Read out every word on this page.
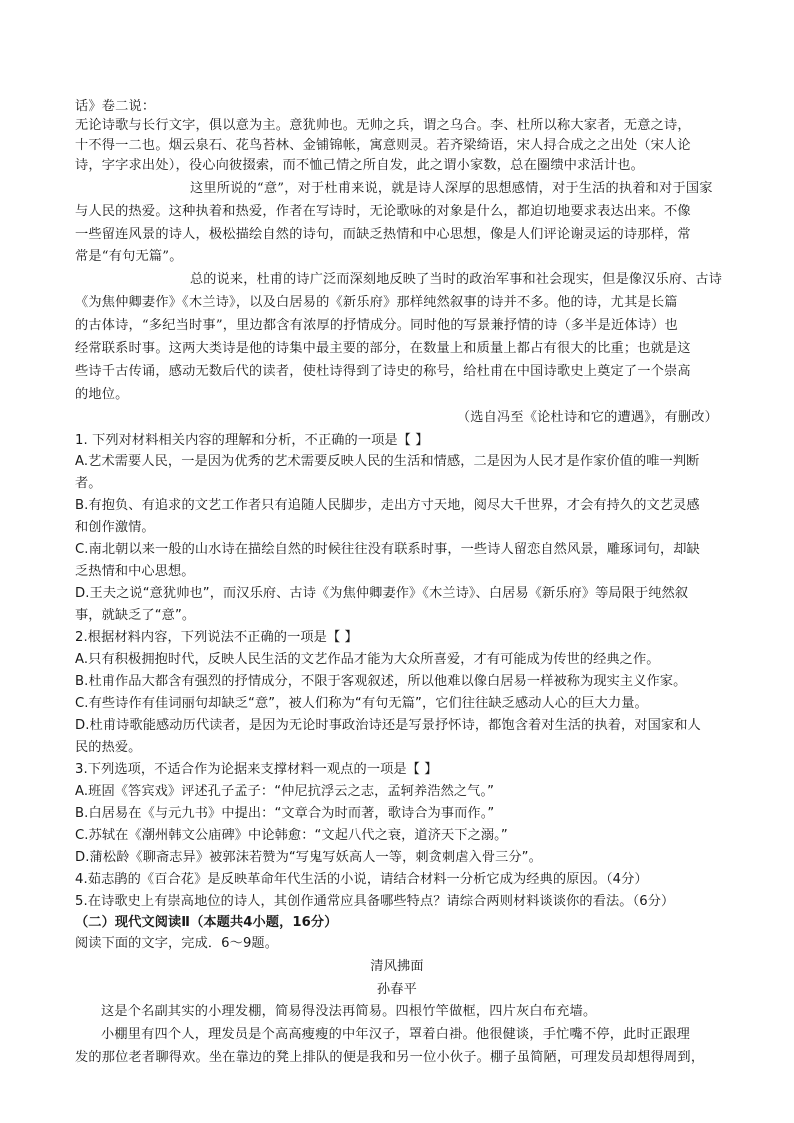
话》卷二说：
无论诗歌与长行文字，俱以意为主。意犹帅也。无帅之兵，谓之乌合。李、杜所以称大家者，无意之诗，
十不得一二也。烟云泉石、花鸟苔林、金铺锦帐，寓意则灵。若齐梁绮语，宋人挦合成之之出处（宋人论
诗，字字求出处），役心向彼掇索，而不恤己情之所自发，此之谓小家数，总在圈缋中求活计也。
这里所说的“意”，对于杜甫来说，就是诗人深厚的思想感情，对于生活的执着和对于国家
与人民的热爱。这种执着和热爱，作者在写诗时，无论歌咏的对象是什么，都迫切地要求表达出来。不像
一些留连风景的诗人，极松描绘自然的诗句，而缺乏热情和中心思想，像是人们评论谢灵运的诗那样，常
常是“有句无篇”。
总的说来，杜甫的诗广泛而深刻地反映了当时的政治军事和社会现实，但是像汉乐府、古诗
《为焦仲卿妻作》《木兰诗》，以及白居易的《新乐府》那样纯然叙事的诗并不多。他的诗，尤其是长篇
的古体诗，“多纪当时事”，里边都含有浓厚的抒情成分。同时他的写景兼抒情的诗（多半是近体诗）也
经常联系时事。这两大类诗是他的诗集中最主要的部分，在数量上和质量上都占有很大的比重；也就是这
些诗千古传诵，感动无数后代的读者，使杜诗得到了诗史的称号，给杜甫在中国诗歌史上奠定了一个崇高
的地位。
（选自冯至《论杜诗和它的遭遇》，有删改）
1. 下列对材料相关内容的理解和分析，不正确的一项是【 】
A.艺术需要人民，一是因为优秀的艺术需要反映人民的生活和情感，二是因为人民才是作家价值的唯一判断
者。
B.有抱负、有追求的文艺工作者只有追随人民脚步，走出方寸天地，阅尽大千世界，才会有持久的文艺灵感
和创作激情。
C.南北朝以来一般的山水诗在描绘自然的时候往往没有联系时事，一些诗人留恋自然风景，雕琢词句，却缺
乏热情和中心思想。
D.王夫之说“意犹帅也”，而汉乐府、古诗《为焦仲卿妻作》《木兰诗》、白居易《新乐府》等局限于纯然叙
事，就缺乏了“意”。
2.根据材料内容，下列说法不正确的一项是【 】
A.只有积极拥抱时代，反映人民生活的文艺作品才能为大众所喜爱，才有可能成为传世的经典之作。
B.杜甫作品大都含有强烈的抒情成分，不限于客观叙述，所以他难以像白居易一样被称为现实主义作家。
C.有些诗作有佳词丽句却缺乏“意”，被人们称为“有句无篇”，它们往往缺乏感动人心的巨大力量。
D.杜甫诗歌能感动历代读者，是因为无论时事政治诗还是写景抒怀诗，都饱含着对生活的执着，对国家和人
民的热爱。
3.下列选项，不适合作为论据来支撑材料一观点的一项是【 】
A.班固《答宾戏》评述孔子孟子：“仲尼抗浮云之志，孟轲养浩然之气。”
B.白居易在《与元九书》中提出：“文章合为时而著，歌诗合为事而作。”
C.苏轼在《潮州韩文公庙碑》中论韩愈：“文起八代之衰，道济天下之溺。”
D.蒲松龄《聊斋志异》被郭沫若赞为“写鬼写妖高人一等，刺贪刺虐入骨三分”。
4.茹志鹃的《百合花》是反映革命年代生活的小说，请结合材料一分析它成为经典的原因。（4分）
5.在诗歌史上有崇高地位的诗人，其创作通常应具备哪些特点？请综合两则材料谈谈你的看法。（6分）
（二）现代文阅读Ⅱ（本题共4小题，16分）
阅读下面的文字，完成．6～9题。
清风拂面
孙春平
这是个名副其实的小理发棚，简易得没法再简易。四根竹竿做框，四片灰白布充墙。
小棚里有四个人，理发员是个高高瘦瘦的中年汉子，罩着白褂。他很健谈，手忙嘴不停，此时正跟理
发的那位老者聊得欢。坐在靠边的凳上排队的便是我和另一位小伙子。棚子虽简陋，可理发员却想得周到，
